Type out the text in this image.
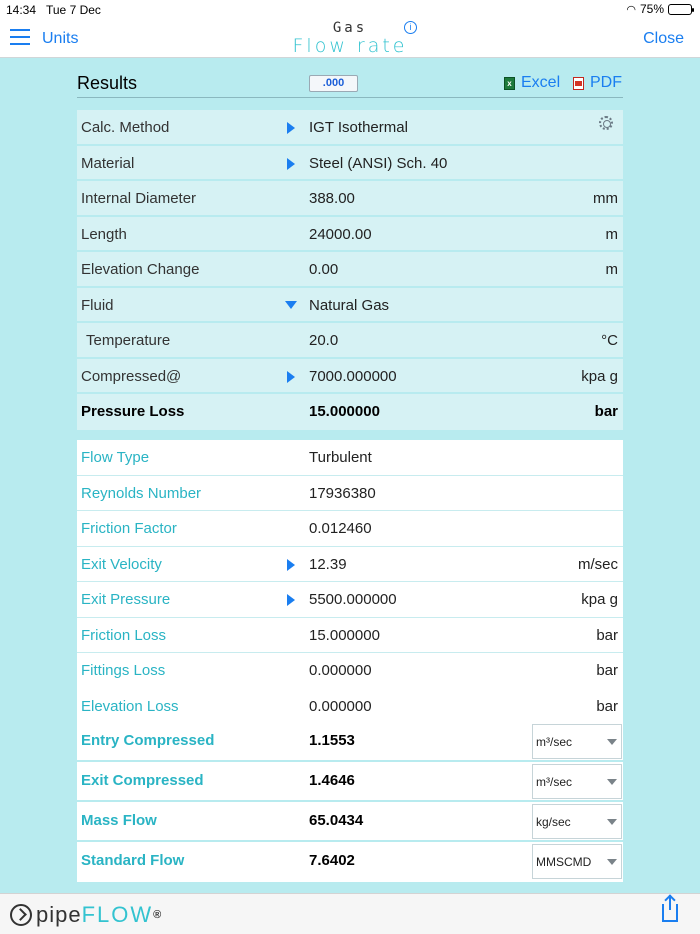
14:34 Tue 7 Dec	◠ 75%
Units
Gas
Flow rate
i
Close
Results	.000	x Excel PDF
Calc. Method	IGT Isothermal
Material	Steel (ANSI) Sch. 40
Internal Diameter	388.00	mm
Length	24000.00	m
Elevation Change	0.00	m
Fluid	Natural Gas
Temperature	20.0	°C
Compressed@	7000.000000	kpa g
Pressure Loss	15.000000	bar
Flow Type	Turbulent
Reynolds Number	17936380
Friction Factor	0.012460
Exit Velocity	12.39	m/sec
Exit Pressure	5500.000000	kpa g
Friction Loss	15.000000	bar
Fittings Loss	0.000000	bar
Elevation Loss	0.000000	bar
Entry Compressed	1.1553	m³/sec
Exit Compressed	1.4646	m³/sec
Mass Flow	65.0434	kg/sec
Standard Flow	7.6402	MMSCMD
pipe FLOW ®
